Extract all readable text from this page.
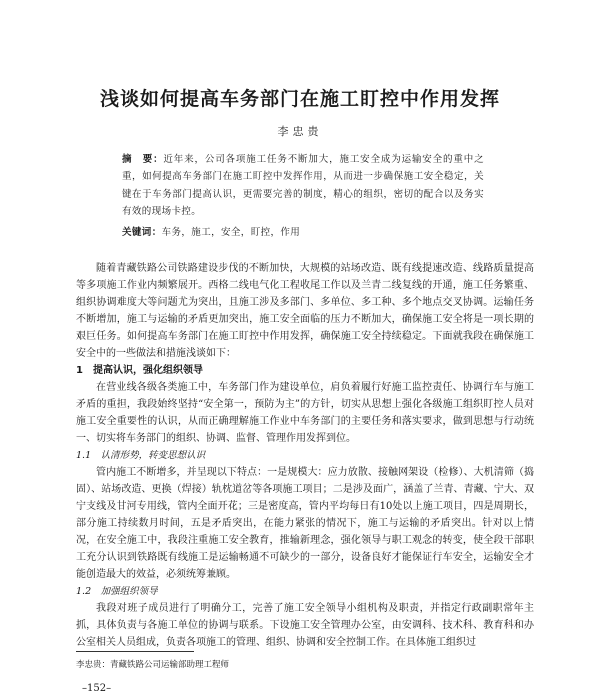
浅谈如何提高车务部门在施工盯控中作用发挥
李忠贵
摘　要：近年来，公司各项施工任务不断加大，施工安全成为运输安全的重中之重，如何提高车务部门在施工盯控中发挥作用，从而进一步确保施工安全稳定，关键在于车务部门提高认识，更需要完善的制度，精心的组织，密切的配合以及务实有效的现场卡控。
关键词：车务，施工，安全，盯控，作用

随着青藏铁路公司铁路建设步伐的不断加快，大规模的站场改造、既有线提速改造、线路质量提高等多项施工作业内频繁展开。西格二线电气化工程收尾工作以及兰青二线复线的开通，施工任务繁重、组织协调难度大等问题尤为突出，且施工涉及多部门、多单位、多工种、多个地点交叉协调。运输任务不断增加，施工与运输的矛盾更加突出，施工安全面临的压力不断加大，确保施工安全将是一项长期的艰巨任务。如何提高车务部门在施工盯控中作用发挥，确保施工安全持续稳定。下面就我段在确保施工安全中的一些做法和措施浅谈如下：

1　提高认识，强化组织领导

在营业线各级各类施工中，车务部门作为建设单位，肩负着履行好施工监控责任、协调行车与施工矛盾的重担，我段始终坚持“安全第一，预防为主”的方针，切实从思想上强化各级施工组织盯控人员对施工安全重要性的认识，从而正确理解施工作业中车务部门的主要任务和落实要求，做到思想与行动统一、切实将车务部门的组织、协调、监督、管理作用发挥到位。

1.1　认清形势，转变思想认识

管内施工不断增多，并呈现以下特点：一是规模大：应力放散、接触网架设（检修）、大机清筛（捣固）、站场改造、更换（焊接）轨枕道岔等各项施工项目；二是涉及面广，涵盖了兰青、青藏、宁大、双宁支线及甘河专用线，管内全面开花；三是密度高，管内平均每日有10处以上施工项目，四是周期长，部分施工持续数月时间，五是矛盾突出，在能力紧张的情况下，施工与运输的矛盾突出。针对以上情况，在安全施工中，我段注重施工安全教育，推输新理念，强化领导与职工观念的转变，使全段干部职工充分认识到铁路既有线施工是运输畅通不可缺少的一部分，设备良好才能保证行车安全，运输安全才能创造最大的效益，必须统筹兼顾。

1.2　加强组织领导

我段对班子成员进行了明确分工，完善了施工安全领导小组机构及职责，并指定行政副职常年主抓，具体负责与各施工单位的协调与联系。下设施工安全管理办公室，由安调科、技术科、教育科和办公室相关人员组成，负责各项施工的管理、组织、协调和安全控制工作。在具体施工组织过

李忠贵：青藏铁路公司运输部助理工程师
–152–
